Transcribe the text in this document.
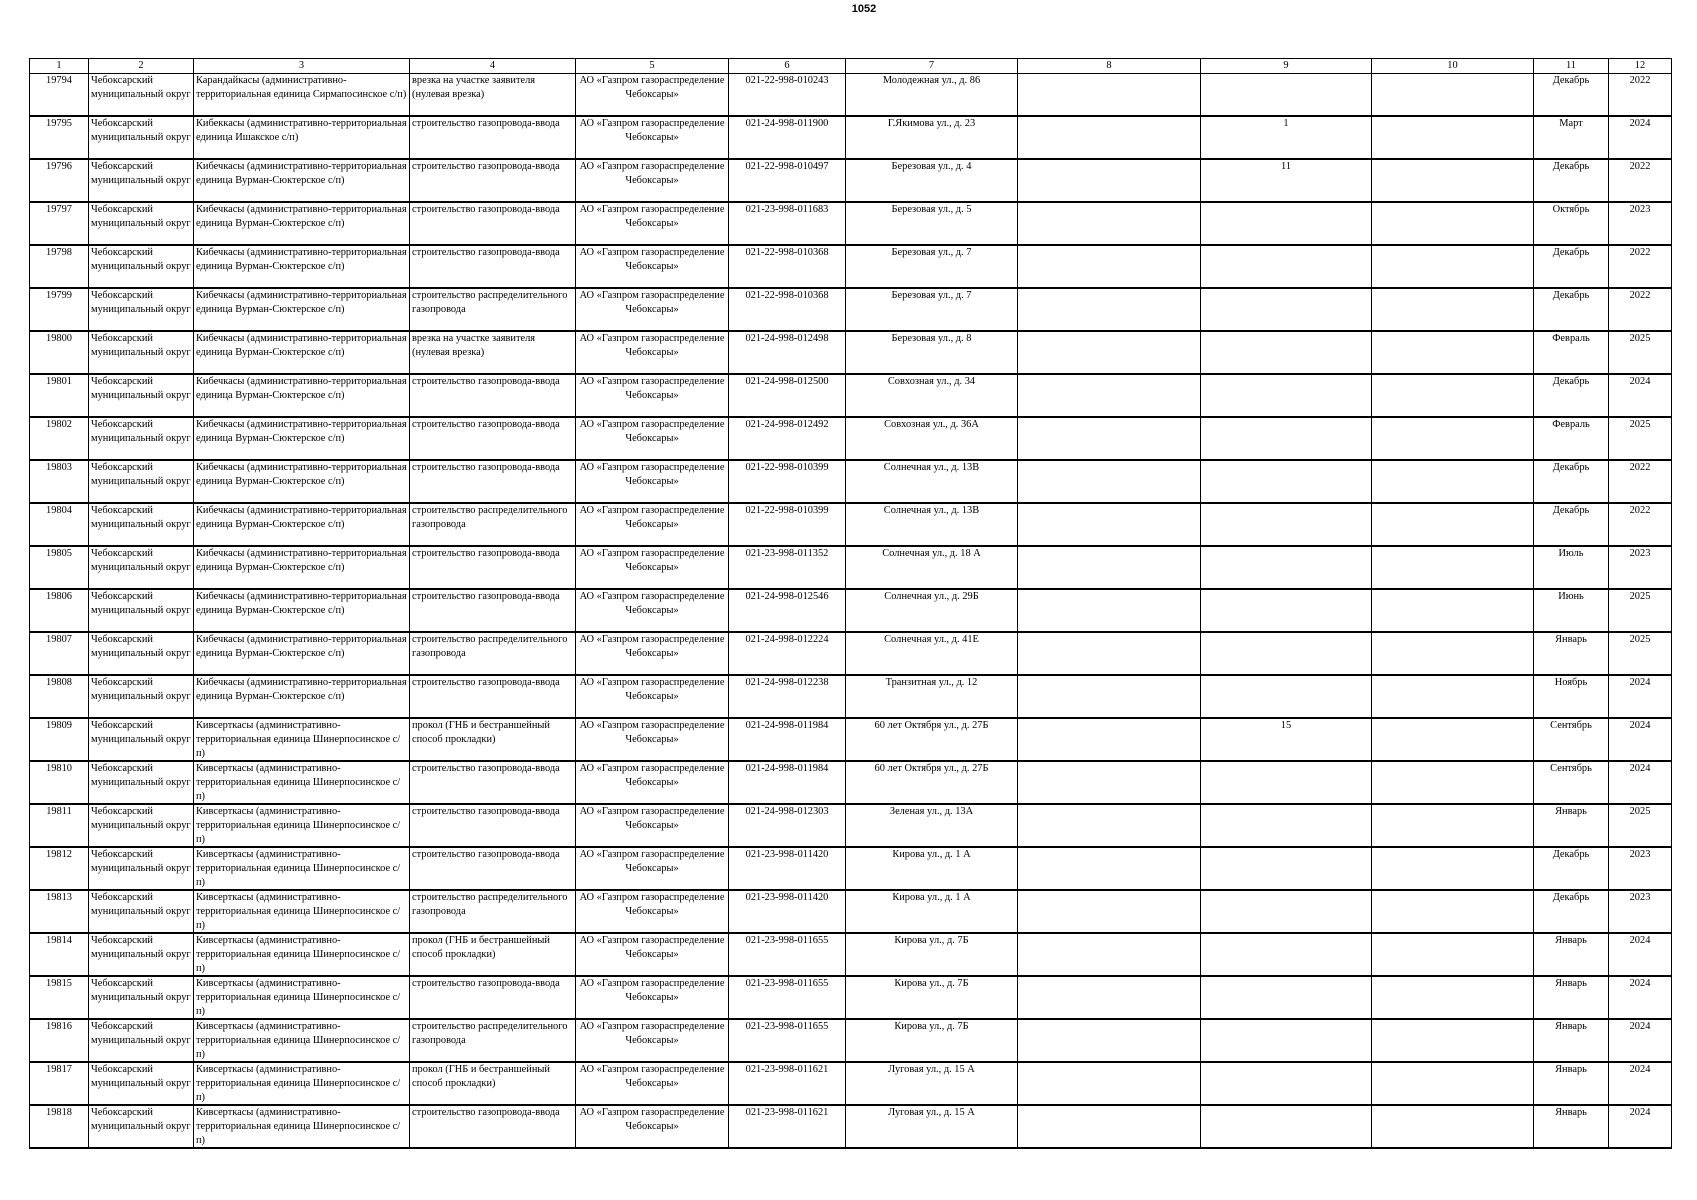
1052
1	2	3	4	5	6	7	8	9	10	11	12

19794	Чебоксарский муниципальный округ	Карандайкасы (административно-территориальная единица Сирмапосинское с/п)	врезка на участке заявителя (нулевая врезка)	АО «Газпром газораспределение Чебоксары»	021-22-998-010243	Молодежная ул., д. 86				Декабрь	2022

19795	Чебоксарский муниципальный округ	Кибеккасы (административно-территориальная единица Ишакское с/п)	строительство газопровода-ввода	АО «Газпром газораспределение Чебоксары»	021-24-998-011900	Г.Якимова ул., д. 23		1		Март	2024

19796	Чебоксарский муниципальный округ	Кибечкасы (административно-территориальная единица Вурман-Сюктерское с/п)	строительство газопровода-ввода	АО «Газпром газораспределение Чебоксары»	021-22-998-010497	Березовая ул., д. 4		11		Декабрь	2022

19797	Чебоксарский муниципальный округ	Кибечкасы (административно-территориальная единица Вурман-Сюктерское с/п)	строительство газопровода-ввода	АО «Газпром газораспределение Чебоксары»	021-23-998-011683	Березовая ул., д. 5				Октябрь	2023

19798	Чебоксарский муниципальный округ	Кибечкасы (административно-территориальная единица Вурман-Сюктерское с/п)	строительство газопровода-ввода	АО «Газпром газораспределение Чебоксары»	021-22-998-010368	Березовая ул., д. 7				Декабрь	2022

19799	Чебоксарский муниципальный округ	Кибечкасы (административно-территориальная единица Вурман-Сюктерское с/п)	строительство распределительного газопровода	АО «Газпром газораспределение Чебоксары»	021-22-998-010368	Березовая ул., д. 7				Декабрь	2022

19800	Чебоксарский муниципальный округ	Кибечкасы (административно-территориальная единица Вурман-Сюктерское с/п)	врезка на участке заявителя (нулевая врезка)	АО «Газпром газораспределение Чебоксары»	021-24-998-012498	Березовая ул., д. 8				Февраль	2025

19801	Чебоксарский муниципальный округ	Кибечкасы (административно-территориальная единица Вурман-Сюктерское с/п)	строительство газопровода-ввода	АО «Газпром газораспределение Чебоксары»	021-24-998-012500	Совхозная ул., д. 34				Декабрь	2024

19802	Чебоксарский муниципальный округ	Кибечкасы (административно-территориальная единица Вурман-Сюктерское с/п)	строительство газопровода-ввода	АО «Газпром газораспределение Чебоксары»	021-24-998-012492	Совхозная ул., д. 36А				Февраль	2025

19803	Чебоксарский муниципальный округ	Кибечкасы (административно-территориальная единица Вурман-Сюктерское с/п)	строительство газопровода-ввода	АО «Газпром газораспределение Чебоксары»	021-22-998-010399	Солнечная ул., д. 13В				Декабрь	2022

19804	Чебоксарский муниципальный округ	Кибечкасы (административно-территориальная единица Вурман-Сюктерское с/п)	строительство распределительного газопровода	АО «Газпром газораспределение Чебоксары»	021-22-998-010399	Солнечная ул., д. 13В				Декабрь	2022

19805	Чебоксарский муниципальный округ	Кибечкасы (административно-территориальная единица Вурман-Сюктерское с/п)	строительство газопровода-ввода	АО «Газпром газораспределение Чебоксары»	021-23-998-011352	Солнечная ул., д. 18 А				Июль	2023

19806	Чебоксарский муниципальный округ	Кибечкасы (административно-территориальная единица Вурман-Сюктерское с/п)	строительство газопровода-ввода	АО «Газпром газораспределение Чебоксары»	021-24-998-012546	Солнечная ул., д. 29Б				Июнь	2025

19807	Чебоксарский муниципальный округ	Кибечкасы (административно-территориальная единица Вурман-Сюктерское с/п)	строительство распределительного газопровода	АО «Газпром газораспределение Чебоксары»	021-24-998-012224	Солнечная ул., д. 41Е				Январь	2025

19808	Чебоксарский муниципальный округ	Кибечкасы (административно-территориальная единица Вурман-Сюктерское с/п)	строительство газопровода-ввода	АО «Газпром газораспределение Чебоксары»	021-24-998-012238	Транзитная ул., д. 12				Ноябрь	2024

19809	Чебоксарский муниципальный округ	Кивсерткасы (административно-территориальная единица Шинерпосинское с/п)	прокол (ГНБ и бестраншейный способ прокладки)	АО «Газпром газораспределение Чебоксары»	021-24-998-011984	60 лет Октября ул., д. 27Б		15		Сентябрь	2024

19810	Чебоксарский муниципальный округ	Кивсерткасы (административно-территориальная единица Шинерпосинское с/п)	строительство газопровода-ввода	АО «Газпром газораспределение Чебоксары»	021-24-998-011984	60 лет Октября ул., д. 27Б				Сентябрь	2024

19811	Чебоксарский муниципальный округ	Кивсерткасы (административно-территориальная единица Шинерпосинское с/п)	строительство газопровода-ввода	АО «Газпром газораспределение Чебоксары»	021-24-998-012303	Зеленая ул., д. 13А				Январь	2025

19812	Чебоксарский муниципальный округ	Кивсерткасы (административно-территориальная единица Шинерпосинское с/п)	строительство газопровода-ввода	АО «Газпром газораспределение Чебоксары»	021-23-998-011420	Кирова ул., д. 1 А				Декабрь	2023

19813	Чебоксарский муниципальный округ	Кивсерткасы (административно-территориальная единица Шинерпосинское с/п)	строительство распределительного газопровода	АО «Газпром газораспределение Чебоксары»	021-23-998-011420	Кирова ул., д. 1 А				Декабрь	2023

19814	Чебоксарский муниципальный округ	Кивсерткасы (административно-территориальная единица Шинерпосинское с/п)	прокол (ГНБ и бестраншейный способ прокладки)	АО «Газпром газораспределение Чебоксары»	021-23-998-011655	Кирова ул., д. 7Б				Январь	2024

19815	Чебоксарский муниципальный округ	Кивсерткасы (административно-территориальная единица Шинерпосинское с/п)	строительство газопровода-ввода	АО «Газпром газораспределение Чебоксары»	021-23-998-011655	Кирова ул., д. 7Б				Январь	2024

19816	Чебоксарский муниципальный округ	Кивсерткасы (административно-территориальная единица Шинерпосинское с/п)	строительство распределительного газопровода	АО «Газпром газораспределение Чебоксары»	021-23-998-011655	Кирова ул., д. 7Б				Январь	2024

19817	Чебоксарский муниципальный округ	Кивсерткасы (административно-территориальная единица Шинерпосинское с/п)	прокол (ГНБ и бестраншейный способ прокладки)	АО «Газпром газораспределение Чебоксары»	021-23-998-011621	Луговая ул., д. 15 А				Январь	2024

19818	Чебоксарский муниципальный округ	Кивсерткасы (административно-территориальная единица Шинерпосинское с/п)	строительство газопровода-ввода	АО «Газпром газораспределение Чебоксары»	021-23-998-011621	Луговая ул., д. 15 А				Январь	2024
